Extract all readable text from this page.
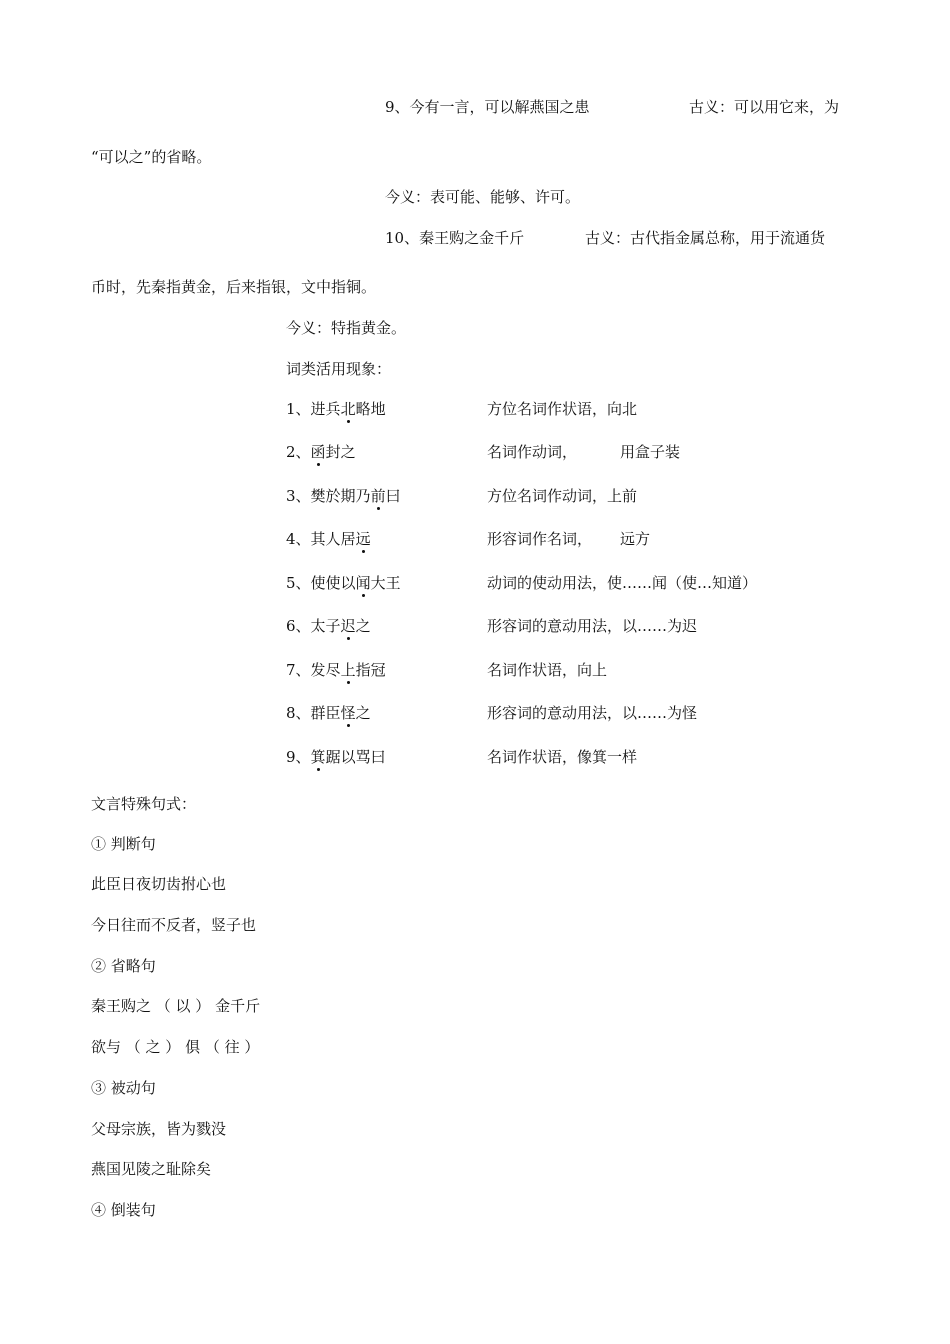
9、今有一言，可以解燕国之患	古义：可以用它来，为
“可以之”的省略。
今义：表可能、能够、许可。
10、秦王购之金千斤	古义：古代指金属总称，用于流通货
币时，先秦指黄金，后来指银，文中指铜。
今义：特指黄金。
词类活用现象：
1、进兵北略地	方位名词作状语，向北
2、函封之	名词作动词，	用盒子装
3、樊於期乃前曰	方位名词作动词，上前
4、其人居远	形容词作名词， 远方
5、使使以闻大王	动词的使动用法，使……闻（使…知道）
6、太子迟之	形容词的意动用法，以……为迟
7、发尽上指冠	名词作状语，向上
8、群臣怪之	形容词的意动用法，以……为怪
9、箕踞以骂曰	名词作状语，像箕一样
文言特殊句式：
① 判断句
此臣日夜切齿拊心也
今日往而不反者，竖子也
② 省略句
秦王购之 （ 以 ） 金千斤
欲与 （ 之 ） 俱 （ 往 ）
③ 被动句
父母宗族，皆为戮没
燕国见陵之耻除矣
④ 倒装句
